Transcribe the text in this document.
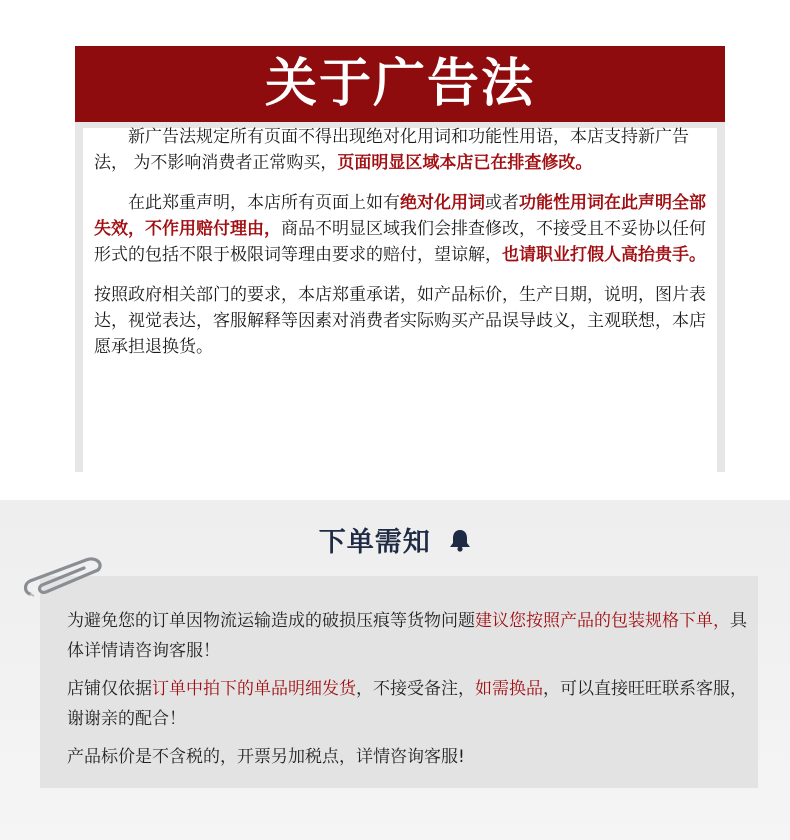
关于广告法

新广告法规定所有页面不得出现绝对化用词和功能性用语，本店支持新广告法， 为不影响消费者正常购买，页面明显区域本店已在排查修改。

在此郑重声明，本店所有页面上如有绝对化用词或者功能性用词在此声明全部失效，不作用赔付理由，商品不明显区域我们会排查修改，不接受且不妥协以任何形式的包括不限于极限词等理由要求的赔付，望谅解，也请职业打假人高抬贵手。

按照政府相关部门的要求，本店郑重承诺，如产品标价，生产日期，说明，图片表达，视觉表达，客服解释等因素对消费者实际购买产品误导歧义，主观联想，本店愿承担退换货。

下单需知

为避免您的订单因物流运输造成的破损压痕等货物问题建议您按照产品的包装规格下单，具体详情请咨询客服！

店铺仅依据订单中拍下的单品明细发货，不接受备注，如需换品，可以直接旺旺联系客服，谢谢亲的配合！

产品标价是不含税的，开票另加税点，详情咨询客服!
